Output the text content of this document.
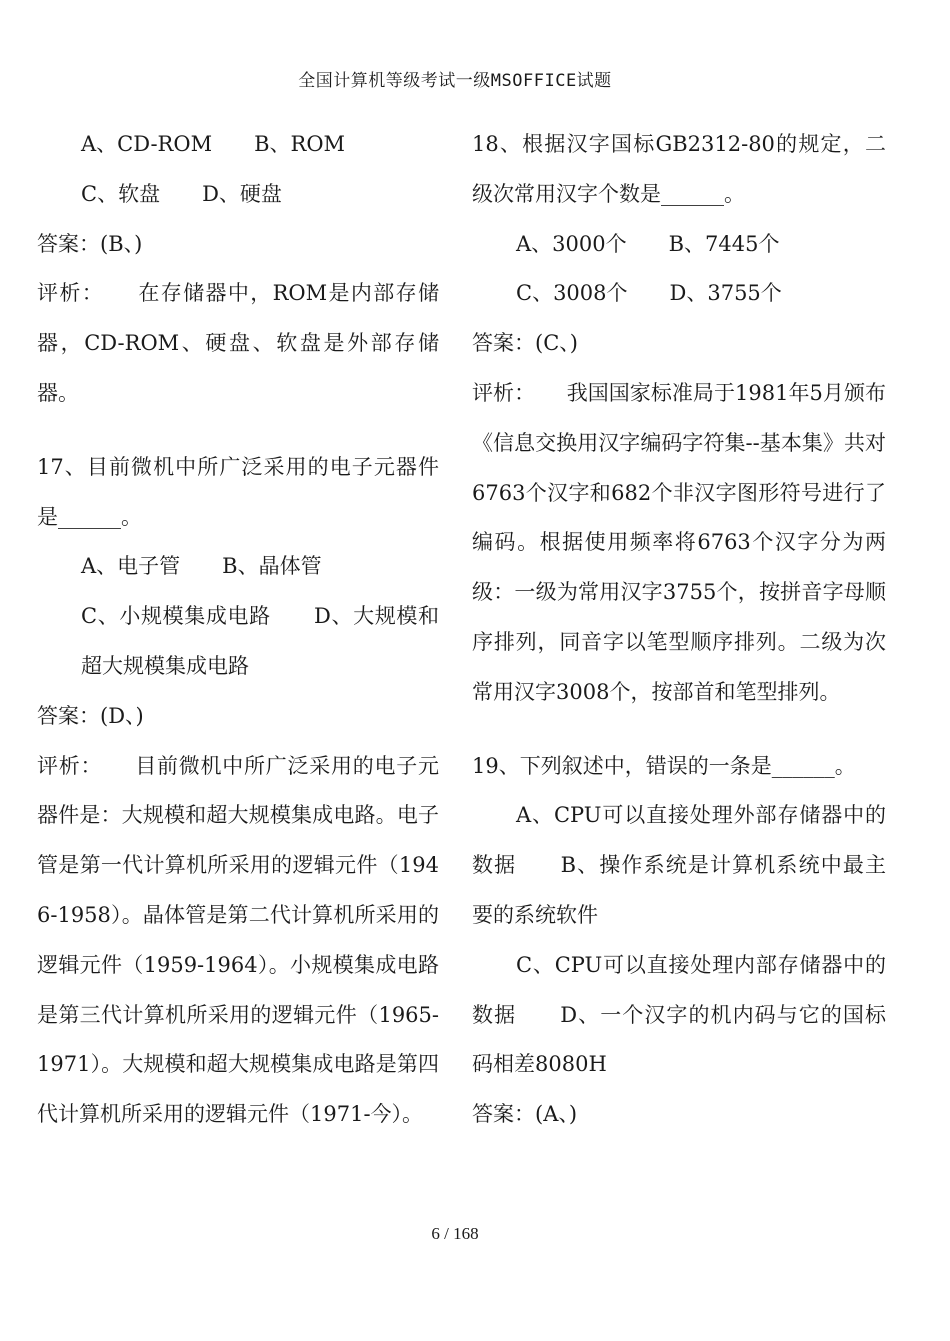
全国计算机等级考试一级MSOFFICE试题

A、CD-ROM　　B、ROM

C、软盘　　D、硬盘

答案：(B、)

评析：　　在存储器中，ROM是内部存储器，CD-ROM、硬盘、软盘是外部存储器。

17、目前微机中所广泛采用的电子元器件是______。

A、电子管　　B、晶体管

C、小规模集成电路　　D、大规模和超大规模集成电路

答案：(D、)

评析：　　目前微机中所广泛采用的电子元器件是：大规模和超大规模集成电路。电子管是第一代计算机所采用的逻辑元件（1946-1958）。晶体管是第二代计算机所采用的逻辑元件（1959-1964）。小规模集成电路是第三代计算机所采用的逻辑元件（1965-1971）。大规模和超大规模集成电路是第四代计算机所采用的逻辑元件（1971-今）。

18、根据汉字国标GB2312-80的规定，二级次常用汉字个数是______。

A、3000个　　B、7445个

C、3008个　　D、3755个

答案：(C、)

评析：　　我国国家标准局于1981年5月颁布《信息交换用汉字编码字符集--基本集》共对6763个汉字和682个非汉字图形符号进行了编码。根据使用频率将6763个汉字分为两级：一级为常用汉字3755个，按拼音字母顺序排列，同音字以笔型顺序排列。二级为次常用汉字3008个，按部首和笔型排列。

19、下列叙述中，错误的一条是______。

A、CPU可以直接处理外部存储器中的数据　　B、操作系统是计算机系统中最主要的系统软件

C、CPU可以直接处理内部存储器中的数据　　D、一个汉字的机内码与它的国标码相差8080H

答案：(A、)

6 / 168
